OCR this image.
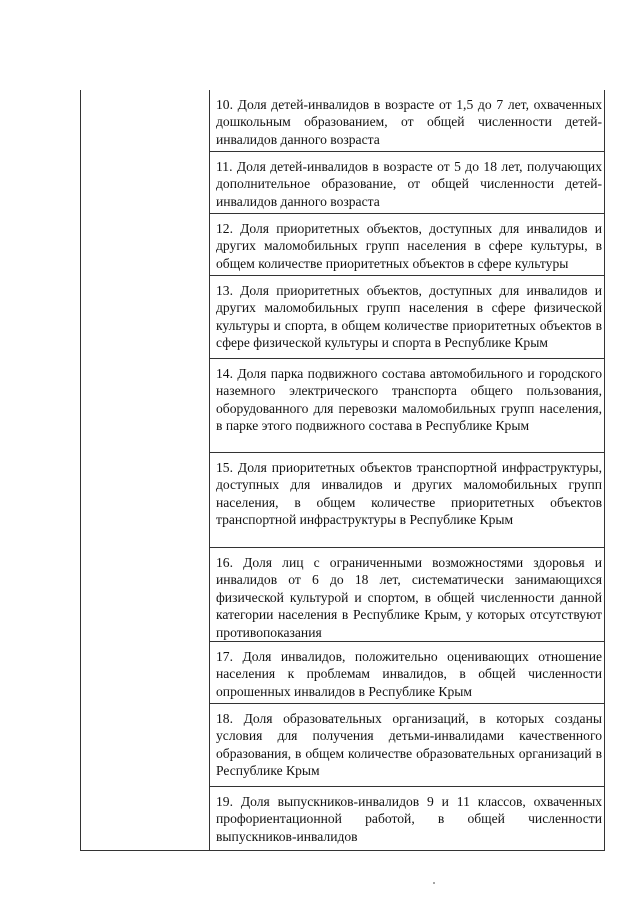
10. Доля детей-инвалидов в возрасте от 1,5 до 7 лет, охваченных дошкольным образованием, от общей численности детей-инвалидов данного возраста
11. Доля детей-инвалидов в возрасте от 5 до 18 лет, получающих дополнительное образование, от общей численности детей-инвалидов данного возраста
12. Доля приоритетных объектов, доступных для инвалидов и других маломобильных групп населения в сфере культуры, в общем количестве приоритетных объектов в сфере культуры
13. Доля приоритетных объектов, доступных для инвалидов и других маломобильных групп населения в сфере физической культуры и спорта, в общем количестве приоритетных объектов в сфере физической культуры и спорта в Республике Крым
14. Доля парка подвижного состава автомобильного и городского наземного электрического транспорта общего пользования, оборудованного для перевозки маломобильных групп населения, в парке этого подвижного состава в Республике Крым
15. Доля приоритетных объектов транспортной инфраструктуры, доступных для инвалидов и других маломобильных групп населения, в общем количестве приоритетных объектов транспортной инфраструктуры в Республике Крым
16. Доля лиц с ограниченными возможностями здоровья и инвалидов от 6 до 18 лет, систематически занимающихся физической культурой и спортом, в общей численности данной категории населения в Республике Крым, у которых отсутствуют противопоказания
17. Доля инвалидов, положительно оценивающих отношение населения к проблемам инвалидов, в общей численности опрошенных инвалидов в Республике Крым
18. Доля образовательных организаций, в которых созданы условия для получения детьми-инвалидами качественного образования, в общем количестве образовательных организаций в Республике Крым
19. Доля выпускников-инвалидов 9 и 11 классов, охваченных профориентационной работой, в общей численности выпускников-инвалидов
